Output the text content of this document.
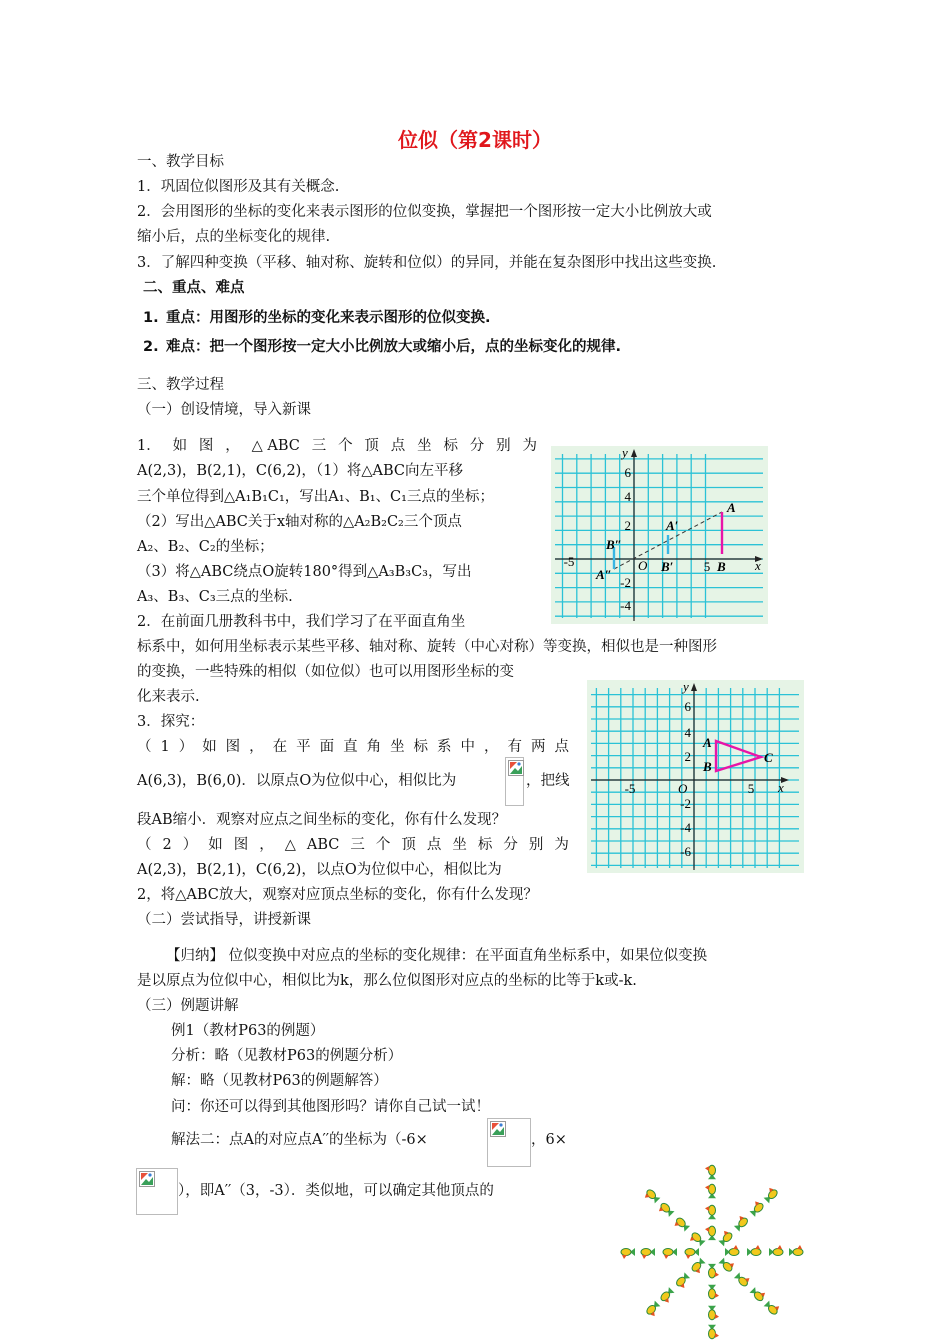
位似（第2课时）
一、教学目标
1．巩固位似图形及其有关概念.
2．会用图形的坐标的变化来表示图形的位似变换，掌握把一个图形按一定大小比例放大或
缩小后，点的坐标变化的规律.
3．了解四种变换（平移、轴对称、旋转和位似）的异同，并能在复杂图形中找出这些变换.
二、重点、难点
1. 重点：用图形的坐标的变化来表示图形的位似变换.
2. 难点：把一个图形按一定大小比例放大或缩小后，点的坐标变化的规律.
三、教学过程
（一）创设情境，导入新课
1． 如 图 ， △ ABC 三 个 顶 点 坐 标 分 别 为
A(2,3)，B(2,1)，C(6,2)，（1）将△ABC向左平移
三个单位得到△A₁B₁C₁，写出A₁、B₁、C₁三点的坐标；
（2）写出△ABC关于x轴对称的△A₂B₂C₂三个顶点
A₂、B₂、C₂的坐标；
（3）将△ABC绕点O旋转180°得到△A₃B₃C₃，写出
A₃、B₃、C₃三点的坐标.
2．在前面几册教科书中，我们学习了在平面直角坐
标系中，如何用坐标表示某些平移、轴对称、旋转（中心对称）等变换，相似也是一种图形
的变换，一些特殊的相似（如位似）也可以用图形坐标的变
化来表示.
3．探究：
（ 1 ） 如 图 ， 在 平 面 直 角 坐 标 系 中 ， 有 两 点
A(6,3)，B(6,0)．以原点O为位似中心，相似比为	，把线
段AB缩小．观察对应点之间坐标的变化，你有什么发现？
（ 2 ） 如 图 ， △ ABC 三 个 顶 点 坐 标 分 别 为
A(2,3)，B(2,1)，C(6,2)，以点O为位似中心，相似比为
2，将△ABC放大，观察对应顶点坐标的变化，你有什么发现？
（二）尝试指导，讲授新课
【归纳】 位似变换中对应点的坐标的变化规律：在平面直角坐标系中，如果位似变换
是以原点为位似中心，相似比为k，那么位似图形对应点的坐标的比等于k或-k.
（三）例题讲解
例1（教材P63的例题）
分析：略（见教材P63的例题分析）
解：略（见教材P63的例题解答）
问：你还可以得到其他图形吗？请你自己试一试！
解法二：点A的对应点A′′的坐标为（-6×	，6×
），即A′′（3，-3）．类似地，可以确定其他顶点的
6
4
2
-2
-4
-5	5
O	x
y
A
B
A′
B′
A″
B″
6
4
2
-2
-4
-6
-5	5
O	x
y
A
B
C
